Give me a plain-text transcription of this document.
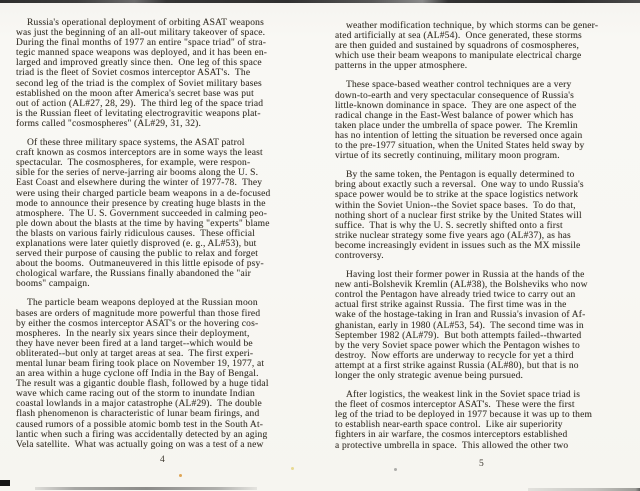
Russia's operational deployment of orbiting ASAT weapons
was just the beginning of an all-out military takeover of space.
During the final months of 1977 an entire "space triad" of stra-
tegic manned space weapons was deployed, and it has been en-
larged and improved greatly since then.  One leg of this space
triad is the fleet of Soviet cosmos interceptor ASAT's.  The
second leg of the triad is the complex of Soviet military bases
established on the moon after America's secret base was put
out of action (AL#27, 28, 29).  The third leg of the space triad
is the Russian fleet of levitating electrogravitic weapons plat-
forms called "cosmospheres" (AL#29, 31, 32).
Of these three military space systems, the ASAT patrol
craft known as cosmos interceptors are in some ways the least
spectacular.  The cosmospheres, for example, were respon-
sible for the series of nerve-jarring air booms along the U. S.
East Coast and elsewhere during the winter of 1977-78.  They
were using their charged particle beam weapons in a de-focused
mode to announce their presence by creating huge blasts in the
atmosphere.  The U. S. Government succeeded in calming peo-
ple down about the blasts at the time by having "experts" blame
the blasts on various fairly ridiculous causes.  These official
explanations were later quietly disproved (e. g., AL#53), but
served their purpose of causing the public to relax and forget
about the booms.  Outmaneuvered in this little episode of psy-
chological warfare, the Russians finally abandoned the "air
booms" campaign.
The particle beam weapons deployed at the Russian moon
bases are orders of magnitude more powerful than those fired
by either the cosmos interceptor ASAT's or the hovering cos-
mospheres.  In the nearly six years since their deployment,
they have never been fired at a land target--which would be
obliterated--but only at target areas at sea.  The first experi-
mental lunar beam firing took place on November 19, 1977, at
an area within a huge cyclone off India in the Bay of Bengal.
The result was a gigantic double flash, followed by a huge tidal
wave which came racing out of the storm to inundate Indian
coastal lowlands in a major catastrophe (AL#29).  The double
flash phenomenon is characteristic of lunar beam firings, and
caused rumors of a possible atomic bomb test in the South At-
lantic when such a firing was accidentally detected by an aging
Vela satellite.  What was actually going on was a test of a new
weather modification technique, by which storms can be gener-
ated artificially at sea (AL#54).  Once generated, these storms
are then guided and sustained by squadrons of cosmospheres,
which use their beam weapons to manipulate electrical charge
patterns in the upper atmosphere.
These space-based weather control techniques are a very
down-to-earth and very spectacular consequence of Russia's
little-known dominance in space.  They are one aspect of the
radical change in the East-West balance of power which has
taken place under the umbrella of space power.  The Kremlin
has no intention of letting the situation be reversed once again
to the pre-1977 situation, when the United States held sway by
virtue of its secretly continuing, military moon program.
By the same token, the Pentagon is equally determined to
bring about exactly such a reversal.  One way to undo Russia's
space power would be to strike at the space logistics network
within the Soviet Union--the Soviet space bases.  To do that,
nothing short of a nuclear first strike by the United States will
suffice.  That is why the U. S. secretly shifted onto a first
strike nuclear strategy some five years ago (AL#37), as has
become increasingly evident in issues such as the MX missile
controversy.
Having lost their former power in Russia at the hands of the
new anti-Bolshevik Kremlin (AL#38), the Bolsheviks who now
control the Pentagon have already tried twice to carry out an
actual first strike against Russia.  The first time was in the
wake of the hostage-taking in Iran and Russia's invasion of Af-
ghanistan, early in 1980 (AL#53, 54).  The second time was in
September 1982 (AL#79).  But both attempts failed--thwarted
by the very Soviet space power which the Pentagon wishes to
destroy.  Now efforts are underway to recycle for yet a third
attempt at a first strike against Russia (AL#80), but that is no
longer the only strategic avenue being pursued.
After logistics, the weakest link in the Soviet space triad is
the fleet of cosmos interceptor ASAT's.  These were the first
leg of the triad to be deployed in 1977 because it was up to them
to establish near-earth space control.  Like air superiority
fighters in air warfare, the cosmos interceptors established
a protective umbrella in space.  This allowed the other two
4	5
